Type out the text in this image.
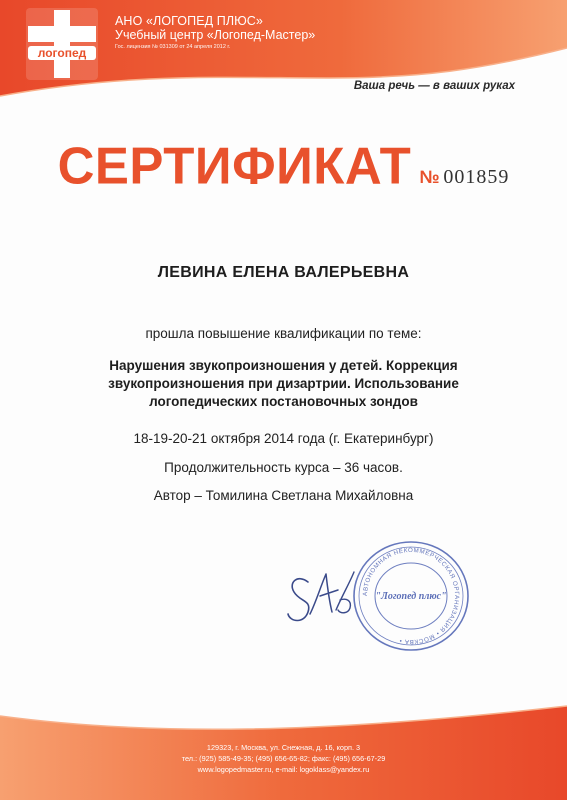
логопед
АНО «ЛОГОПЕД ПЛЮС»
Учебный центр «Логопед-Мастер»
Гос. лицензия № 031309 от 24 апреля 2012 г.
Ваша речь — в ваших руках
СЕРТИФИКАТ № 001859
ЛЕВИНА ЕЛЕНА ВАЛЕРЬЕВНА
прошла повышение квалификации по теме:
Нарушения звукопроизношения у детей. Коррекция
звукопроизношения при дизартрии. Использование
логопедических постановочных зондов
18-19-20-21 октября 2014 года (г. Екатеринбург)
Продолжительность курса – 36 часов.
Автор – Томилина Светлана Михайловна
АВТОНОМНАЯ НЕКОММЕРЧЕСКАЯ ОРГАНИЗАЦИЯ • МОСКВА •
"Логопед плюс"
129323, г. Москва, ул. Снежная, д. 16, корп. 3
тел.: (925) 585-49-35; (495) 656-65-82; факс: (495) 656-67-29
www.logopedmaster.ru, e-mail: logoklass@yandex.ru
